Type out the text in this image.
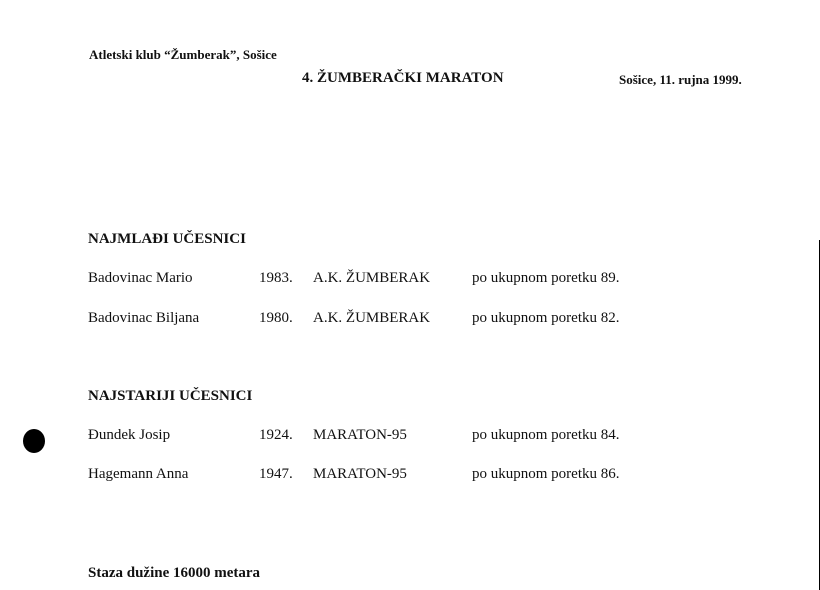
Atletski klub “Žumberak”, Sošice
4. ŽUMBERAČKI MARATON	Sošice, 11. rujna 1999.
NAJMLAĐI UČESNICI
Badovinac Mario	1983. A.K. ŽUMBERAK	po ukupnom poretku 89.
Badovinac Biljana	1980. A.K. ŽUMBERAK	po ukupnom poretku 82.
NAJSTARIJI UČESNICI
Đundek Josip	1924. MARATON-95	po ukupnom poretku 84.
Hagemann Anna	1947. MARATON-95	po ukupnom poretku 86.
Staza dužine 16000 metara
